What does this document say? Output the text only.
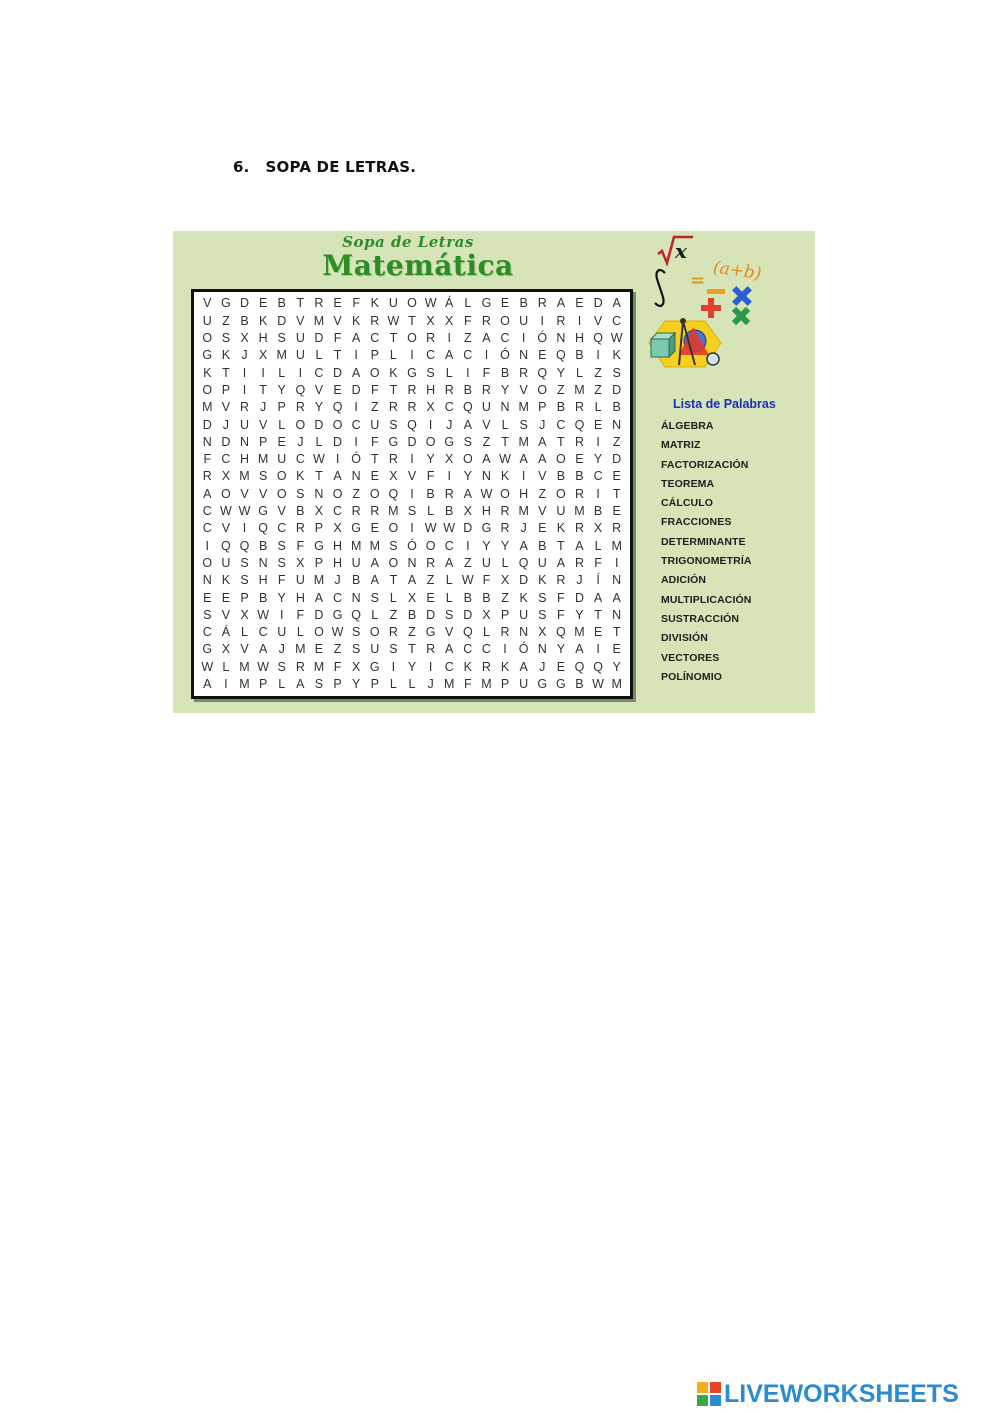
6. SOPA DE LETRAS.
Sopa de Letras
Matemática
V G D E B T R E F K U O W Á L G E B R A E D A
U Z B K D V M V K R W T X X F R O U I R I	V C
O S X H S U D F A C T O R I	Z A C I Ó N H Q W
G K J X M U L T	I	P L	I C A C I Ó N E Q B	I	K
K T	I	I	L	I C D A O K G S L	I	F B R Q Y L Z S
O P	I	T Y Q V E D F T R H R B R Y V O Z M Z D
M V R J P R Y Q I	Z R R X C Q U N M P B R L B
D J U V L O D O C U S Q I	J A V L S J C Q E N
N D N P E J L D I	F G D O G S Z T M A T R I	Z
F C H M U C W I Ó T R I	Y X O A W A A O E Y D
R X M S O K T A N E X V F	I	Y N K	I	V B B C E
A O V V O S N O Z O Q I	B R A W O H Z O R I	T
C W W G V B X C R R M S L B X H R M V U M B E
C V	I Q C R P X G E O I W W D G R J E K R X R
I Q Q B S F G H M M S Ó O C I	Y Y A B T A L M
O U S N S X P H U A O N R A Z U L Q U A R F	I
N K S H F U M J B A T A Z L W F X D K R J	Í N
E E P B Y H A C N S L X E L B B Z K S F D A A
S V X W I	F D G Q L Z B D S D X P U S F Y T N
C Á L C U L O W S O R Z G V Q L R N X Q M E T
G X V A J M E Z S U S T R A C C I Ó N Y A	I	E
W L M W S R M F X G I	Y	I C K R K A J E Q Q Y
A	I M P L A S P Y P L L J M F M P U G G B W M
x
= (a+b)
Lista de Palabras
ÁLGEBRA
MATRIZ
FACTORIZACIÓN
TEOREMA
CÁLCULO
FRACCIONES
DETERMINANTE
TRIGONOMETRÍA
ADICIÓN
MULTIPLICACIÓN
SUSTRACCIÓN
DIVISIÓN
VECTORES
POLÍNOMIO
LIVEWORKSHEETS
